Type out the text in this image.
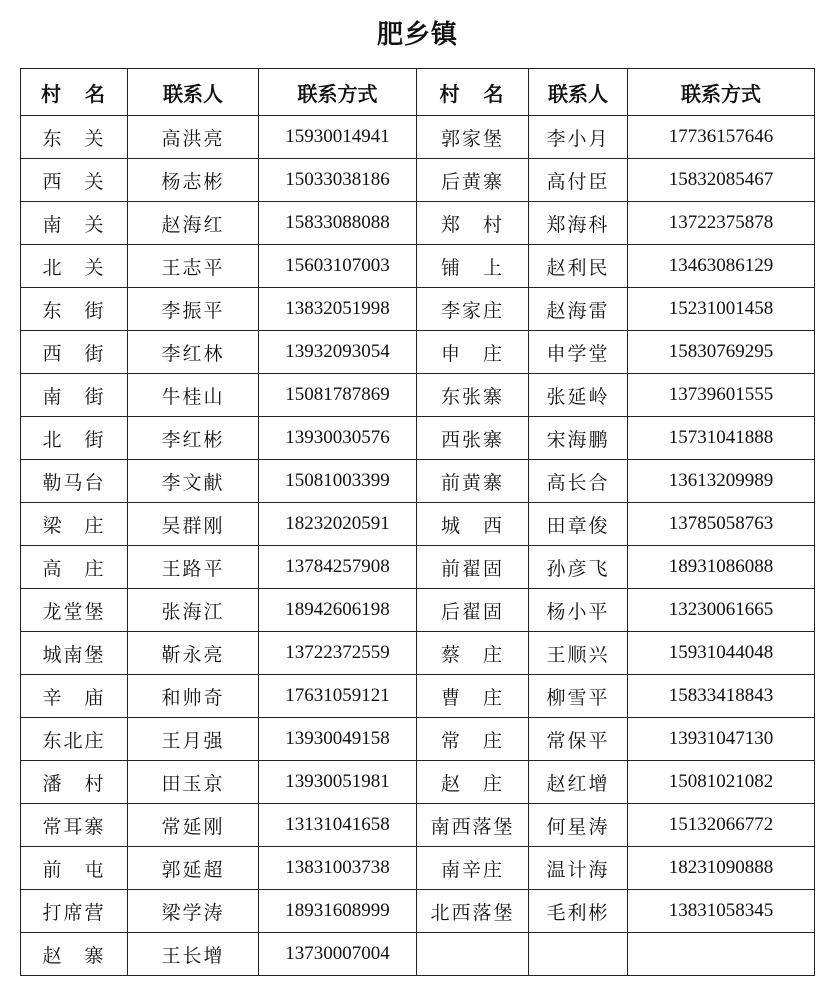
肥乡镇
村　名	联系人	联系方式	村　名	联系人	联系方式
东　关	高洪亮	15930014941	郭家堡	李小月	17736157646
西　关	杨志彬	15033038186	后黄寨	高付臣	15832085467
南　关	赵海红	15833088088	郑　村	郑海科	13722375878
北　关	王志平	15603107003	铺　上	赵利民	13463086129
东　街	李振平	13832051998	李家庄	赵海雷	15231001458
西　街	李红林	13932093054	申　庄	申学堂	15830769295
南　街	牛桂山	15081787869	东张寨	张延岭	13739601555
北　街	李红彬	13930030576	西张寨	宋海鹏	15731041888
勒马台	李文献	15081003399	前黄寨	高长合	13613209989
梁　庄	吴群刚	18232020591	城　西	田章俊	13785058763
高　庄	王路平	13784257908	前翟固	孙彦飞	18931086088
龙堂堡	张海江	18942606198	后翟固	杨小平	13230061665
城南堡	靳永亮	13722372559	蔡　庄	王顺兴	15931044048
辛　庙	和帅奇	17631059121	曹　庄	柳雪平	15833418843
东北庄	王月强	13930049158	常　庄	常保平	13931047130
潘　村	田玉京	13930051981	赵　庄	赵红增	15081021082
常耳寨	常延刚	13131041658	南西落堡	何星涛	15132066772
前　屯	郭延超	13831003738	南辛庄	温计海	18231090888
打席营	梁学涛	18931608999	北西落堡	毛利彬	13831058345
赵　寨	王长增	13730007004			
